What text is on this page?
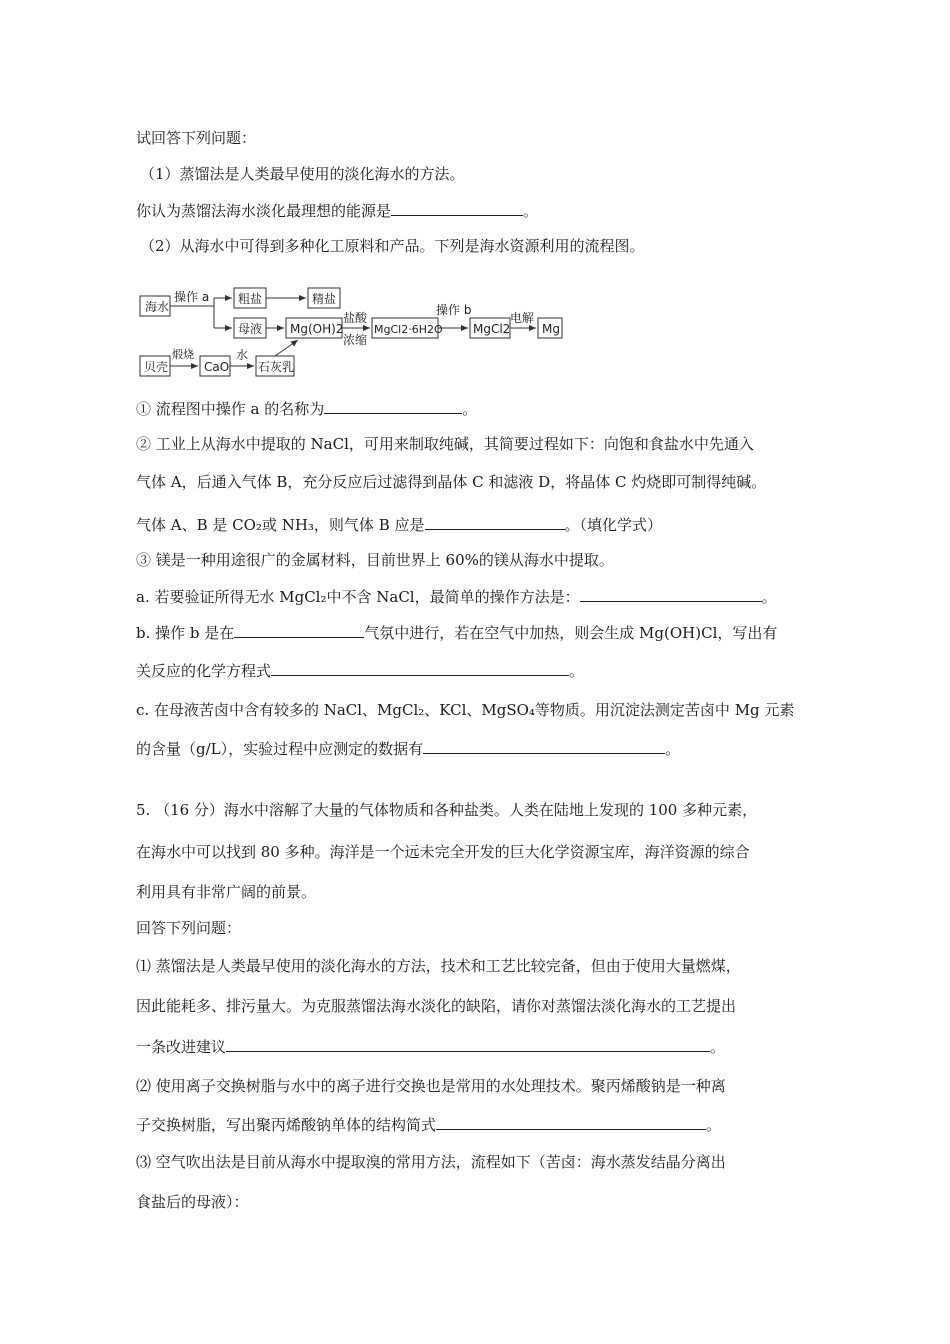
试回答下列问题：
（1）蒸馏法是人类最早使用的淡化海水的方法。
你认为蒸馏法海水淡化最理想的能源是	。
（2）从海水中可得到多种化工原料和产品。下列是海水资源利用的流程图。
海水
粗盐	精盐
母液 Mg(OH)2	MgCl2·6H2O	MgCl2	Mg
贝壳	CaO 石灰乳
操作 a
盐酸
浓缩
操作 b
电解
煅烧	水
① 流程图中操作 a 的名称为	。
② 工业上从海水中提取的 NaCl，可用来制取纯碱，其简要过程如下：向饱和食盐水中先通入
气体 A，后通入气体 B，充分反应后过滤得到晶体 C 和滤液 D，将晶体 C 灼烧即可制得纯碱。
气体 A、B 是 CO₂或 NH₃，则气体 B 应是	。（填化学式）
③ 镁是一种用途很广的金属材料，目前世界上 60%的镁从海水中提取。
a. 若要验证所得无水 MgCl₂中不含 NaCl，最简单的操作方法是：	。
b. 操作 b 是在	气氛中进行，若在空气中加热，则会生成 Mg(OH)Cl，写出有
关反应的化学方程式	。
c. 在母液苦卤中含有较多的 NaCl、MgCl₂、KCl、MgSO₄等物质。用沉淀法测定苦卤中 Mg 元素
的含量（g/L），实验过程中应测定的数据有	。
5. （16 分）海水中溶解了大量的气体物质和各种盐类。人类在陆地上发现的 100 多种元素，
在海水中可以找到 80 多种。海洋是一个远未完全开发的巨大化学资源宝库，海洋资源的综合
利用具有非常广阔的前景。
回答下列问题：
⑴ 蒸馏法是人类最早使用的淡化海水的方法，技术和工艺比较完备，但由于使用大量燃煤，
因此能耗多、排污量大。为克服蒸馏法海水淡化的缺陷，请你对蒸馏法淡化海水的工艺提出
一条改进建议	。
⑵ 使用离子交换树脂与水中的离子进行交换也是常用的水处理技术。聚丙烯酸钠是一种离
子交换树脂，写出聚丙烯酸钠单体的结构简式	。
⑶ 空气吹出法是目前从海水中提取溴的常用方法，流程如下（苦卤：海水蒸发结晶分离出
食盐后的母液）：
